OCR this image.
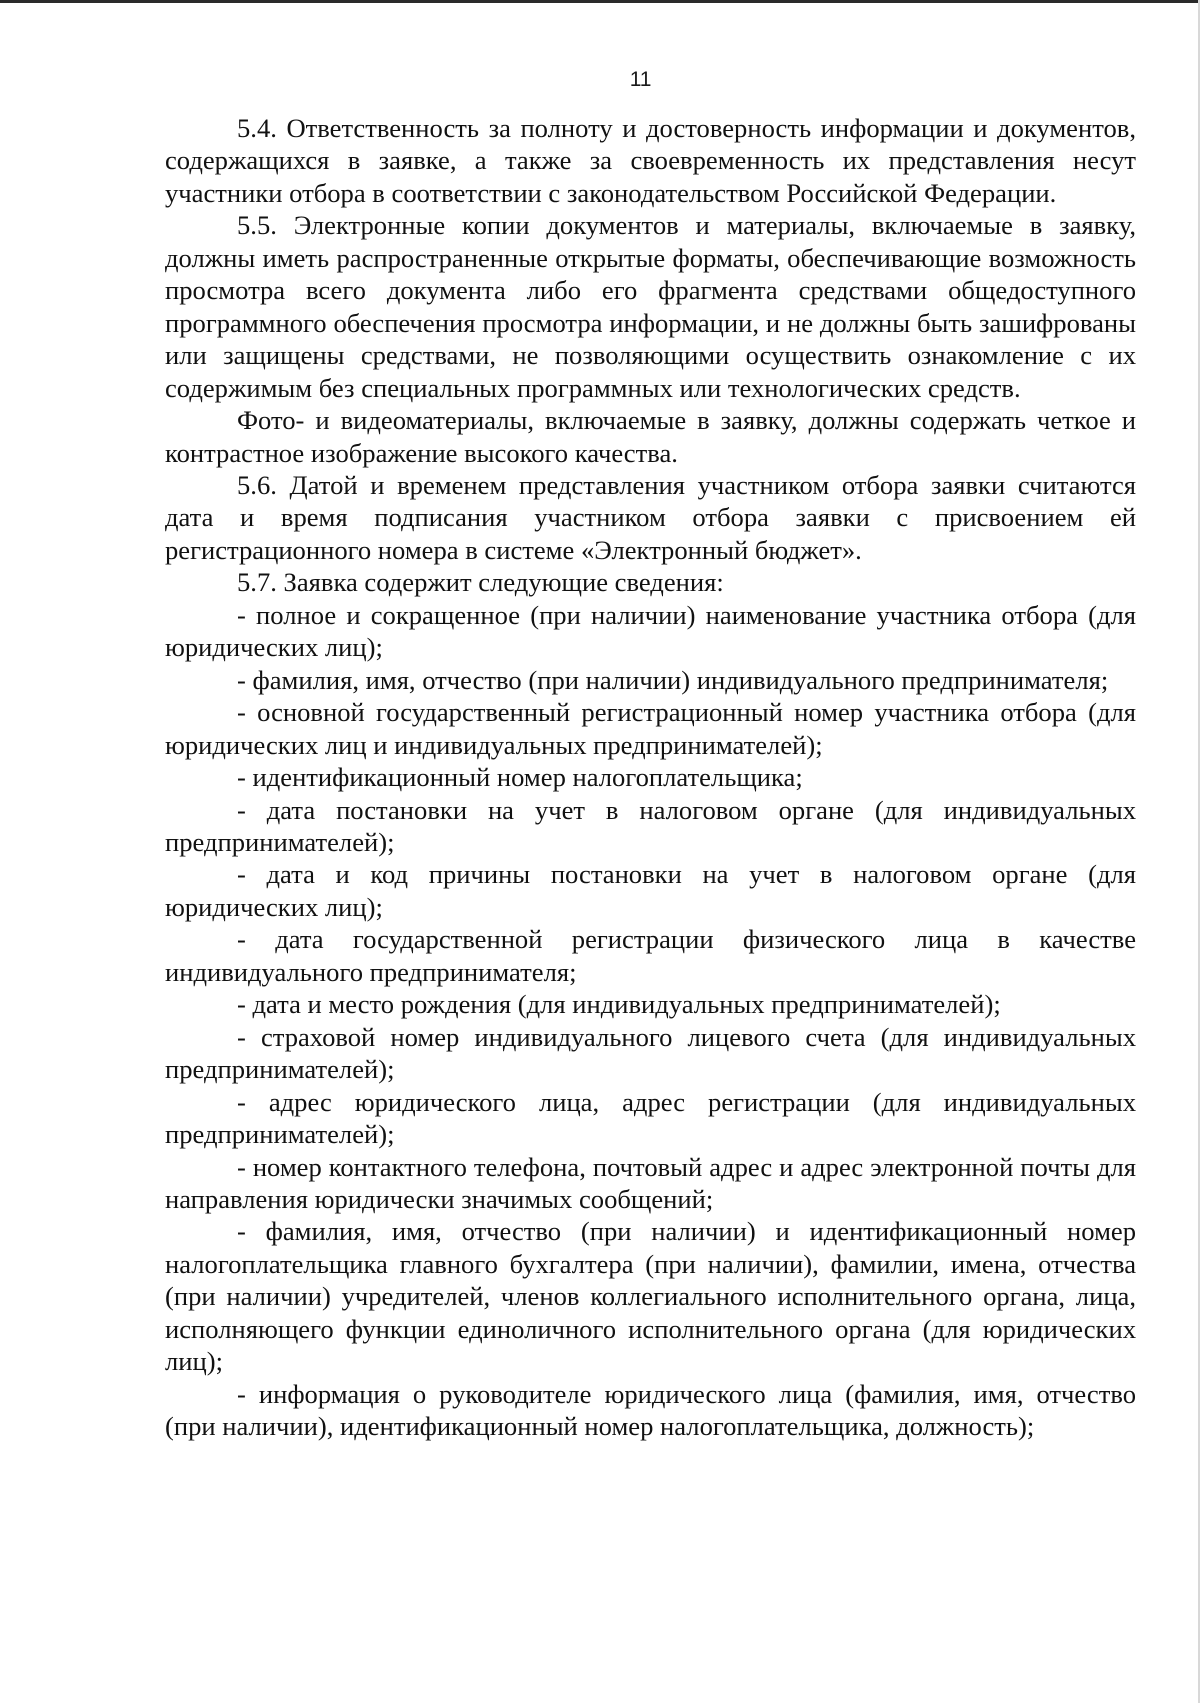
11

5.4. Ответственность за полноту и достоверность информации и документов, содержащихся в заявке, а также за своевременность их представления несут участники отбора в соответствии с законодательством Российской Федерации.

5.5. Электронные копии документов и материалы, включаемые в заявку, должны иметь распространенные открытые форматы, обеспечивающие возможность просмотра всего документа либо его фрагмента средствами общедоступного программного обеспечения просмотра информации, и не должны быть зашифрованы или защищены средствами, не позволяющими осуществить ознакомление с их содержимым без специальных программных или технологических средств.

Фото- и видеоматериалы, включаемые в заявку, должны содержать четкое и контрастное изображение высокого качества.

5.6. Датой и временем представления участником отбора заявки считаются дата и время подписания участником отбора заявки с присвоением ей регистрационного номера в системе «Электронный бюджет».

5.7. Заявка содержит следующие сведения:

- полное и сокращенное (при наличии) наименование участника отбора (для юридических лиц);

- фамилия, имя, отчество (при наличии) индивидуального предпринимателя;

- основной государственный регистрационный номер участника отбора (для юридических лиц и индивидуальных предпринимателей);

- идентификационный номер налогоплательщика;

- дата постановки на учет в налоговом органе (для индивидуальных предпринимателей);

- дата и код причины постановки на учет в налоговом органе (для юридических лиц);

- дата государственной регистрации физического лица в качестве индивидуального предпринимателя;

- дата и место рождения (для индивидуальных предпринимателей);

- страховой номер индивидуального лицевого счета (для индивидуальных предпринимателей);

- адрес юридического лица, адрес регистрации (для индивидуальных предпринимателей);

- номер контактного телефона, почтовый адрес и адрес электронной почты для направления юридически значимых сообщений;

- фамилия, имя, отчество (при наличии) и идентификационный номер налогоплательщика главного бухгалтера (при наличии), фамилии, имена, отчества (при наличии) учредителей, членов коллегиального исполнительного органа, лица, исполняющего функции единоличного исполнительного органа (для юридических лиц);

- информация о руководителе юридического лица (фамилия, имя, отчество (при наличии), идентификационный номер налогоплательщика, должность);
